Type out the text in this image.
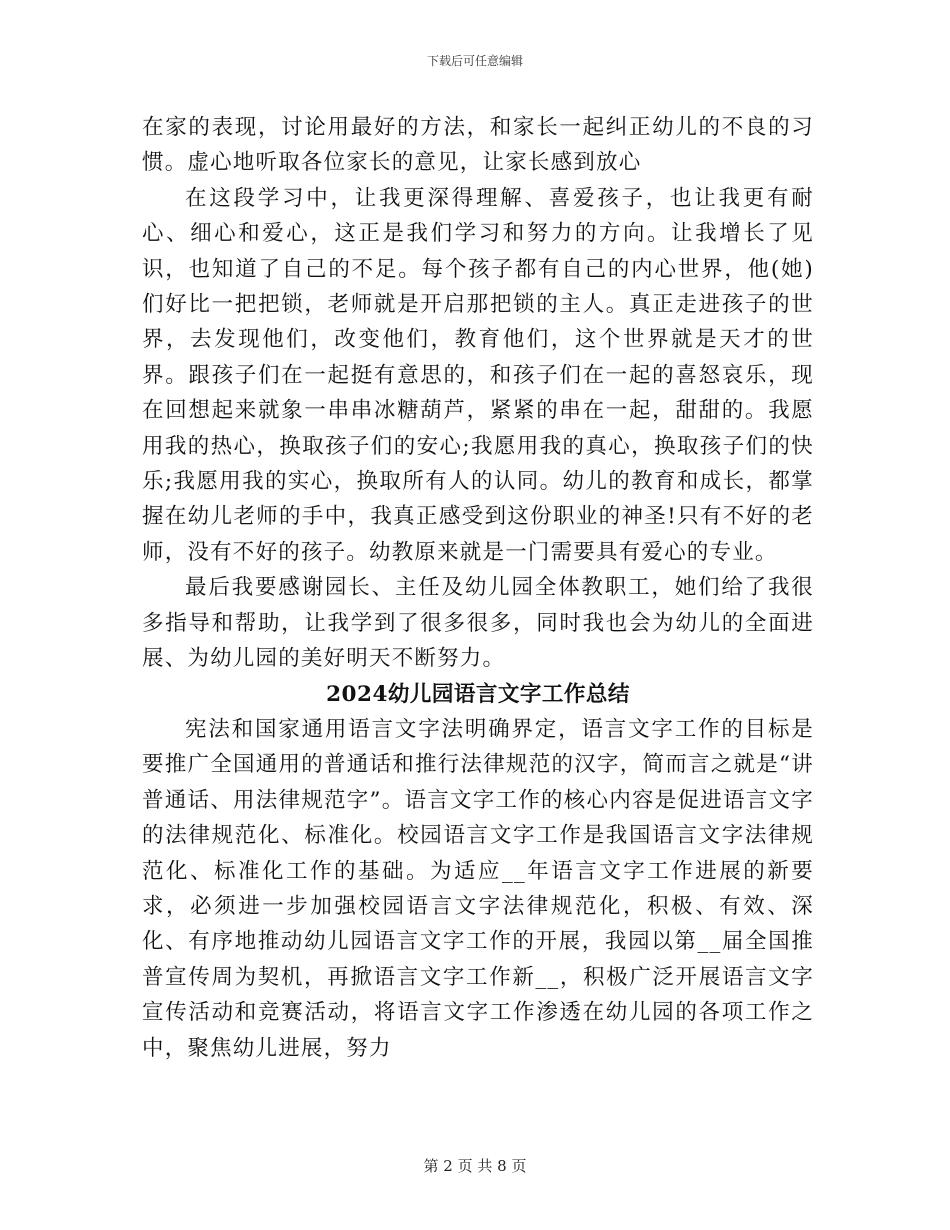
下载后可任意编辑

在家的表现，讨论用最好的方法，和家长一起纠正幼儿的不良的习惯。虚心地听取各位家长的意见，让家长感到放心

在这段学习中，让我更深得理解、喜爱孩子，也让我更有耐心、细心和爱心，这正是我们学习和努力的方向。让我增长了见识，也知道了自己的不足。每个孩子都有自己的内心世界，他(她)们好比一把把锁，老师就是开启那把锁的主人。真正走进孩子的世界，去发现他们，改变他们，教育他们，这个世界就是天才的世界。跟孩子们在一起挺有意思的，和孩子们在一起的喜怒哀乐，现在回想起来就象一串串冰糖葫芦，紧紧的串在一起，甜甜的。我愿用我的热心，换取孩子们的安心;我愿用我的真心，换取孩子们的快乐;我愿用我的实心，换取所有人的认同。幼儿的教育和成长，都掌握在幼儿老师的手中，我真正感受到这份职业的神圣!只有不好的老师，没有不好的孩子。幼教原来就是一门需要具有爱心的专业。

最后我要感谢园长、主任及幼儿园全体教职工，她们给了我很多指导和帮助，让我学到了很多很多，同时我也会为幼儿的全面进展、为幼儿园的美好明天不断努力。

2024幼儿园语言文字工作总结

宪法和国家通用语言文字法明确界定，语言文字工作的目标是要推广全国通用的普通话和推行法律规范的汉字，简而言之就是“讲普通话、用法律规范字”。语言文字工作的核心内容是促进语言文字的法律规范化、标准化。校园语言文字工作是我国语言文字法律规范化、标准化工作的基础。为适应__年语言文字工作进展的新要求，必须进一步加强校园语言文字法律规范化，积极、有效、深化、有序地推动幼儿园语言文字工作的开展，我园以第__届全国推普宣传周为契机，再掀语言文字工作新__，积极广泛开展语言文字宣传活动和竞赛活动，将语言文字工作渗透在幼儿园的各项工作之中，聚焦幼儿进展，努力

第 2 页 共 8 页
